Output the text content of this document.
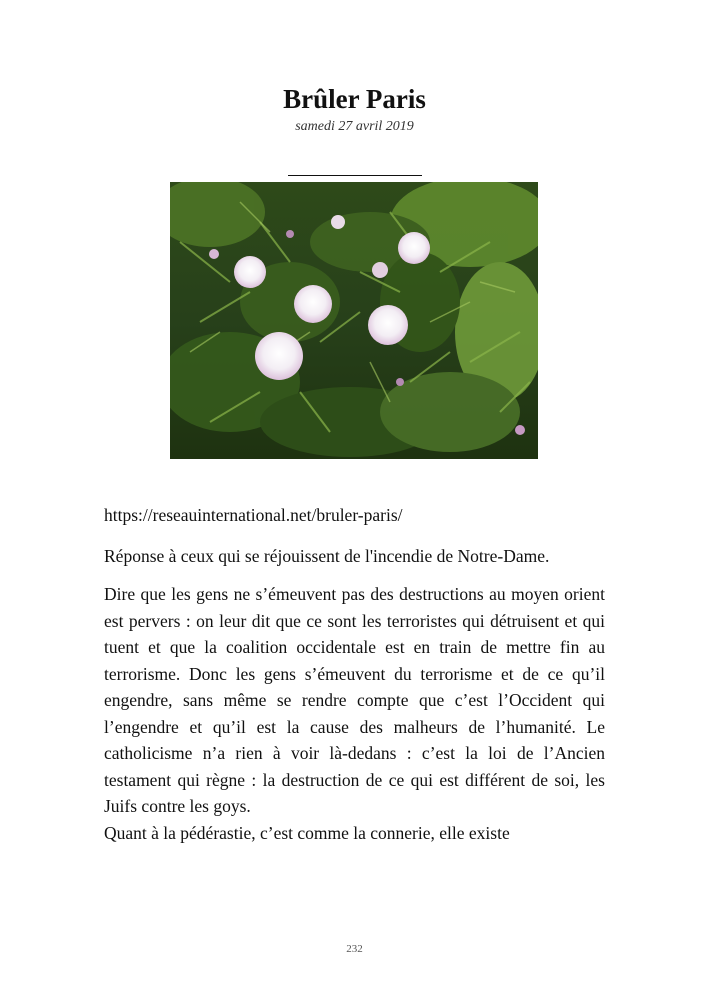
Brûler Paris
samedi 27 avril 2019

https://reseauinternational.net/bruler-paris/

Réponse à ceux qui se réjouissent de l'incendie de Notre-Dame.

Dire que les gens ne s’émeuvent pas des destructions au moyen orient est pervers : on leur dit que ce sont les terroristes qui détruisent et qui tuent et que la coalition occidentale est en train de mettre fin au terrorisme. Donc les gens s’émeuvent du terrorisme et de ce qu’il engendre, sans même se rendre compte que c’est l’Occident qui l’engendre et qu’il est la cause des malheurs de l’humanité. Le catholicisme n’a rien à voir là-dedans : c’est la loi de l’Ancien testament qui règne : la destruction de ce qui est différent de soi, les Juifs contre les goys.

Quant à la pédérastie, c’est comme la connerie, elle existe

232
